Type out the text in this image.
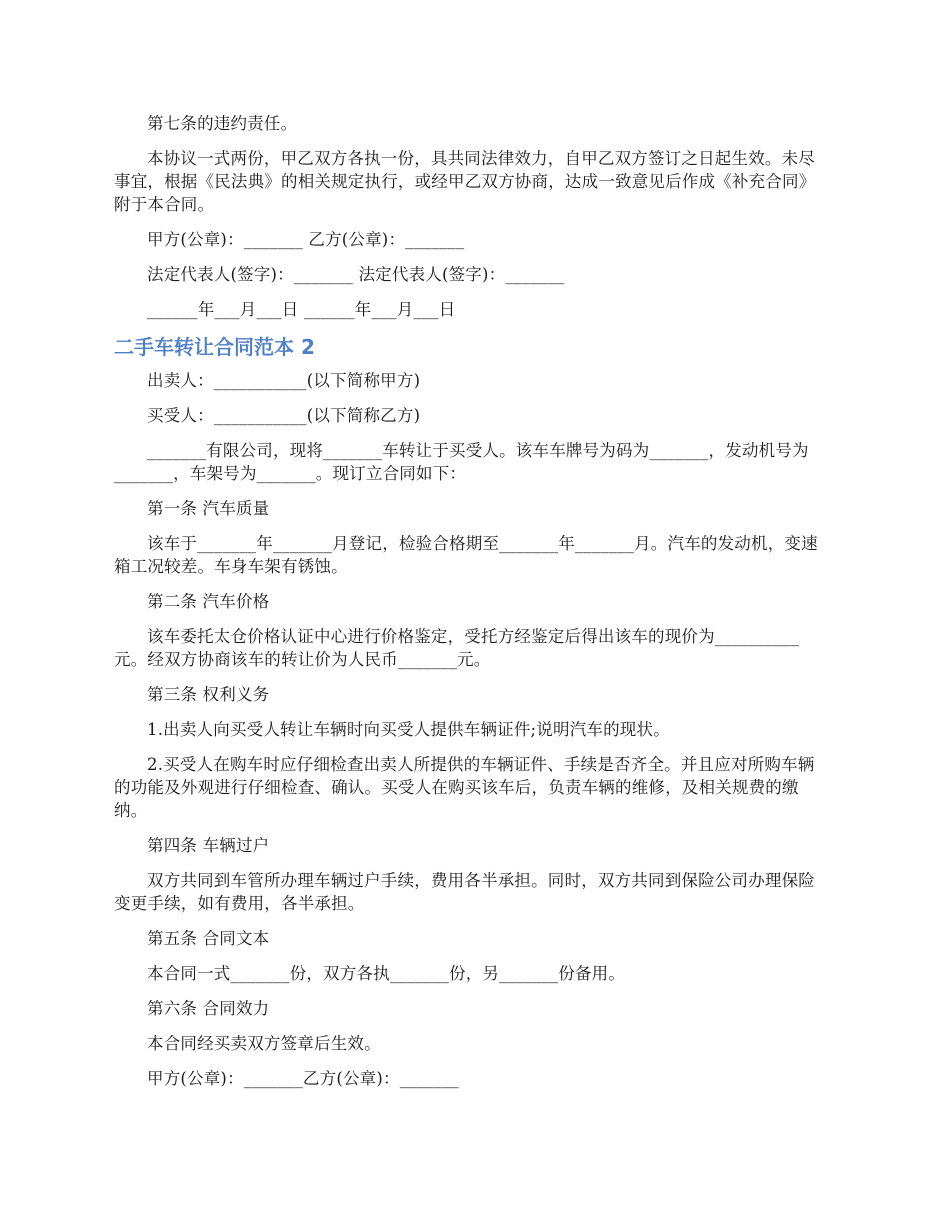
第七条的违约责任。

本协议一式两份，甲乙双方各执一份，具共同法律效力，自甲乙双方签订之日起生效。未尽事宜，根据《民法典》的相关规定执行，或经甲乙双方协商，达成一致意见后作成《补充合同》附于本合同。

甲方(公章)：_______ 乙方(公章)：_______

法定代表人(签字)：_______ 法定代表人(签字)：_______

______年___月___日 ______年___月___日

二手车转让合同范本 2

出卖人：___________(以下简称甲方)

买受人：___________(以下简称乙方)

_______有限公司，现将_______车转让于买受人。该车车牌号为码为_______，发动机号为_______，车架号为_______。现订立合同如下：

第一条 汽车质量

该车于_______年_______月登记，检验合格期至_______年_______月。汽车的发动机，变速箱工况较差。车身车架有锈蚀。

第二条 汽车价格

该车委托太仓价格认证中心进行价格鉴定，受托方经鉴定后得出该车的现价为__________元。经双方协商该车的转让价为人民币_______元。

第三条 权利义务

1.出卖人向买受人转让车辆时向买受人提供车辆证件;说明汽车的现状。

2.买受人在购车时应仔细检查出卖人所提供的车辆证件、手续是否齐全。并且应对所购车辆的功能及外观进行仔细检查、确认。买受人在购买该车后，负责车辆的维修，及相关规费的缴纳。

第四条 车辆过户

双方共同到车管所办理车辆过户手续，费用各半承担。同时，双方共同到保险公司办理保险变更手续，如有费用，各半承担。

第五条 合同文本

本合同一式_______份，双方各执_______份，另_______份备用。

第六条 合同效力

本合同经买卖双方签章后生效。

甲方(公章)：_______乙方(公章)：_______
